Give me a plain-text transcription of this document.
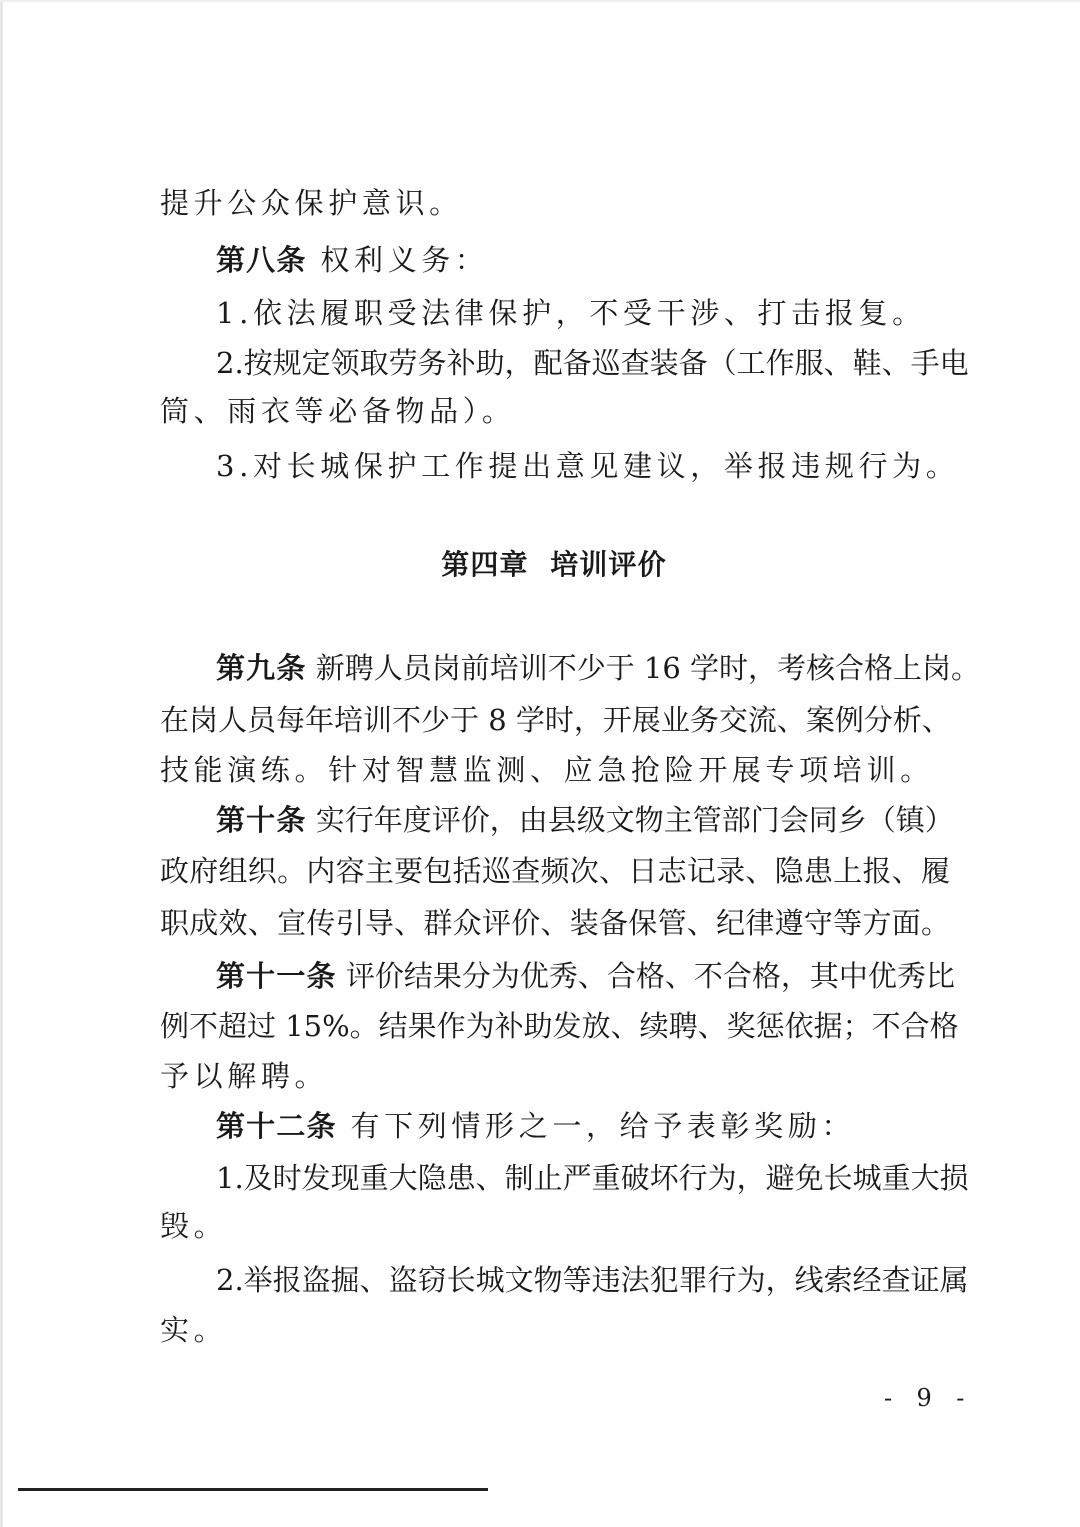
提升公众保护意识。
第八条 权利义务：
1.依法履职受法律保护，不受干涉、打击报复。
2.按规定领取劳务补助，配备巡查装备（工作服、鞋、手电
筒、雨衣等必备物品）。
3.对长城保护工作提出意见建议，举报违规行为。
第四章  培训评价
第九条 新聘人员岗前培训不少于 16 学时，考核合格上岗。
在岗人员每年培训不少于 8 学时，开展业务交流、案例分析、
技能演练。针对智慧监测、应急抢险开展专项培训。
第十条 实行年度评价，由县级文物主管部门会同乡（镇）
政府组织。内容主要包括巡查频次、日志记录、隐患上报、履
职成效、宣传引导、群众评价、装备保管、纪律遵守等方面。
第十一条 评价结果分为优秀、合格、不合格，其中优秀比
例不超过 15%。结果作为补助发放、续聘、奖惩依据；不合格
予以解聘。
第十二条 有下列情形之一，给予表彰奖励：
1.及时发现重大隐患、制止严重破坏行为，避免长城重大损
毁。
2.举报盗掘、盗窃长城文物等违法犯罪行为，线索经查证属
实。
- 9 -
